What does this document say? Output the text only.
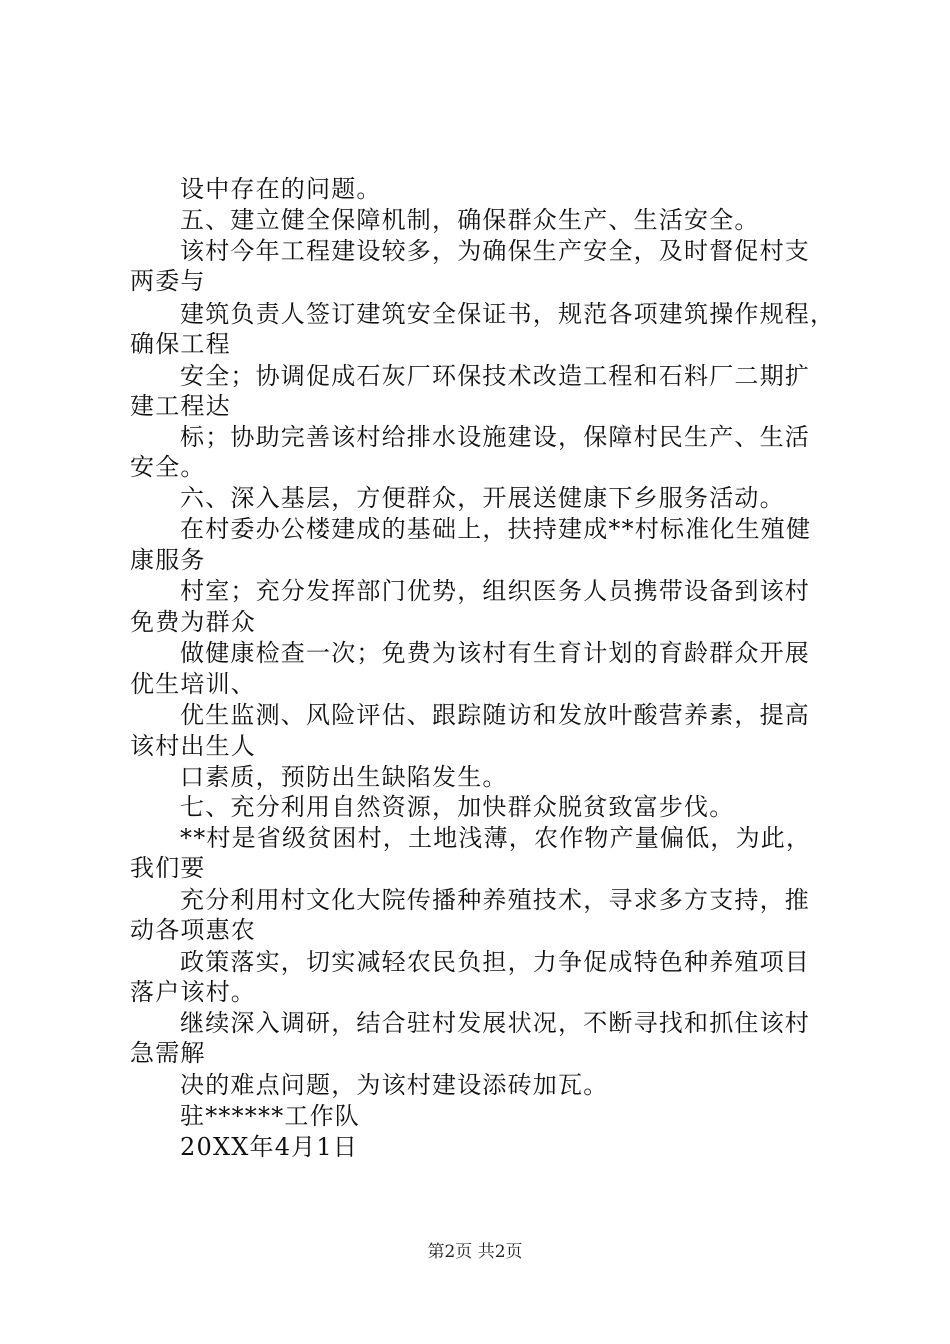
设中存在的问题。
五、建立健全保障机制，确保群众生产、生活安全。
该村今年工程建设较多，为确保生产安全，及时督促村支
两委与
建筑负责人签订建筑安全保证书，规范各项建筑操作规程，
确保工程
安全；协调促成石灰厂环保技术改造工程和石料厂二期扩
建工程达
标；协助完善该村给排水设施建设，保障村民生产、生活
安全。
六、深入基层，方便群众，开展送健康下乡服务活动。
在村委办公楼建成的基础上，扶持建成**村标准化生殖健
康服务
村室；充分发挥部门优势，组织医务人员携带设备到该村
免费为群众
做健康检查一次；免费为该村有生育计划的育龄群众开展
优生培训、
优生监测、风险评估、跟踪随访和发放叶酸营养素，提高
该村出生人
口素质，预防出生缺陷发生。
七、充分利用自然资源，加快群众脱贫致富步伐。
**村是省级贫困村，土地浅薄，农作物产量偏低，为此，
我们要
充分利用村文化大院传播种养殖技术，寻求多方支持，推
动各项惠农
政策落实，切实减轻农民负担，力争促成特色种养殖项目
落户该村。
继续深入调研，结合驻村发展状况，不断寻找和抓住该村
急需解
决的难点问题，为该村建设添砖加瓦。
驻******工作队
20XX年4月1日
第2页 共2页
